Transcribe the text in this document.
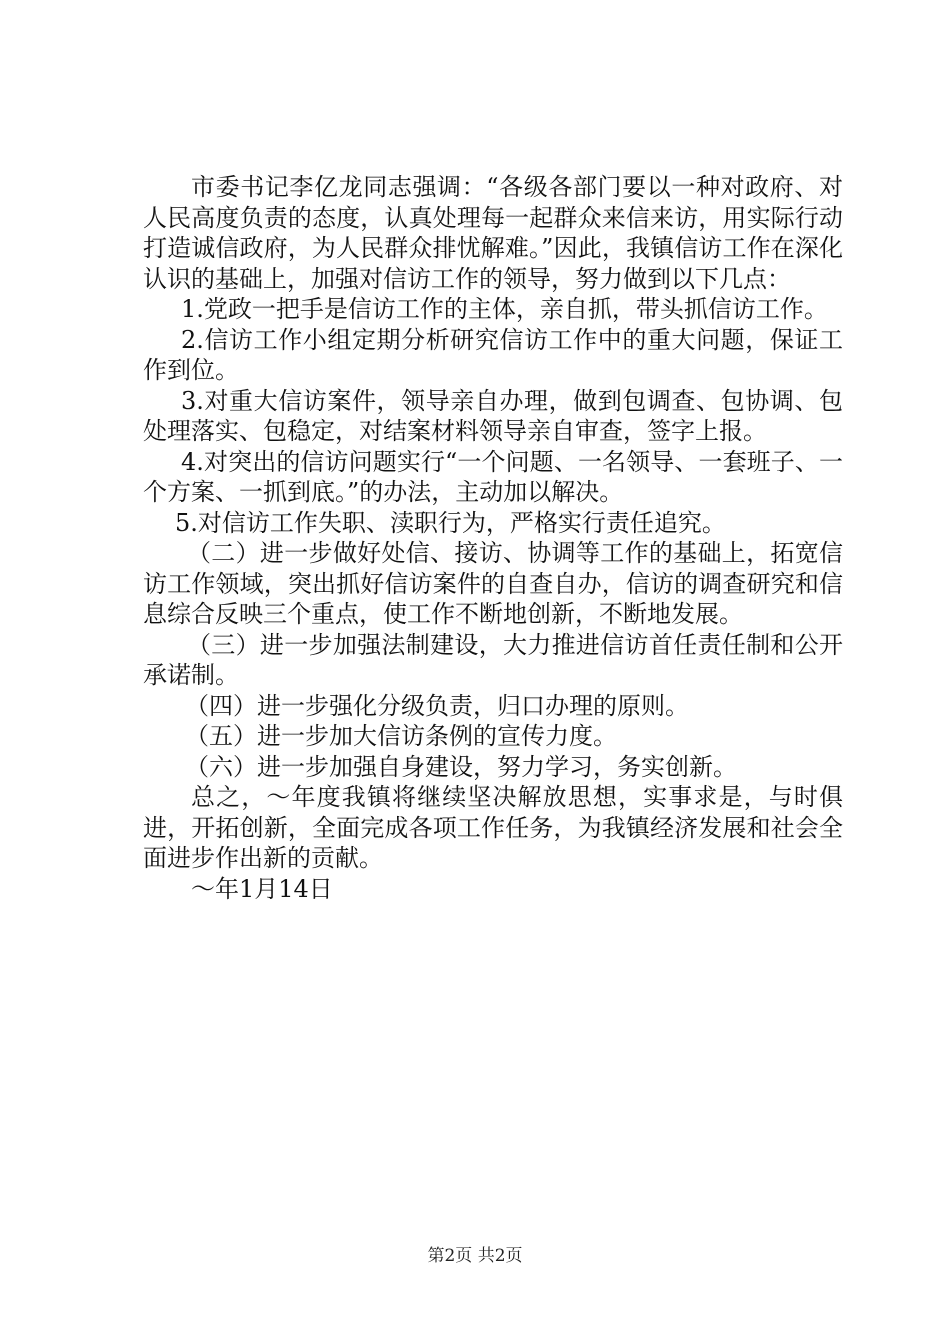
市委书记李亿龙同志强调：“各级各部门要以一种对政府、对人民高度负责的态度，认真处理每一起群众来信来访，用实际行动打造诚信政府，为人民群众排忧解难。”因此，我镇信访工作在深化认识的基础上，加强对信访工作的领导，努力做到以下几点：

1.党政一把手是信访工作的主体，亲自抓，带头抓信访工作。

2.信访工作小组定期分析研究信访工作中的重大问题，保证工作到位。

3.对重大信访案件，领导亲自办理，做到包调查、包协调、包处理落实、包稳定，对结案材料领导亲自审查，签字上报。

4.对突出的信访问题实行“一个问题、一名领导、一套班子、一个方案、一抓到底。”的办法，主动加以解决。

5.对信访工作失职、渎职行为，严格实行责任追究。

（二）进一步做好处信、接访、协调等工作的基础上，拓宽信访工作领域，突出抓好信访案件的自查自办，信访的调查研究和信息综合反映三个重点，使工作不断地创新，不断地发展。

（三）进一步加强法制建设，大力推进信访首任责任制和公开承诺制。

（四）进一步强化分级负责，归口办理的原则。

（五）进一步加大信访条例的宣传力度。

（六）进一步加强自身建设，努力学习，务实创新。

总之，～年度我镇将继续坚决解放思想，实事求是，与时俱进，开拓创新，全面完成各项工作任务，为我镇经济发展和社会全面进步作出新的贡献。

～年1月14日

第2页 共2页
